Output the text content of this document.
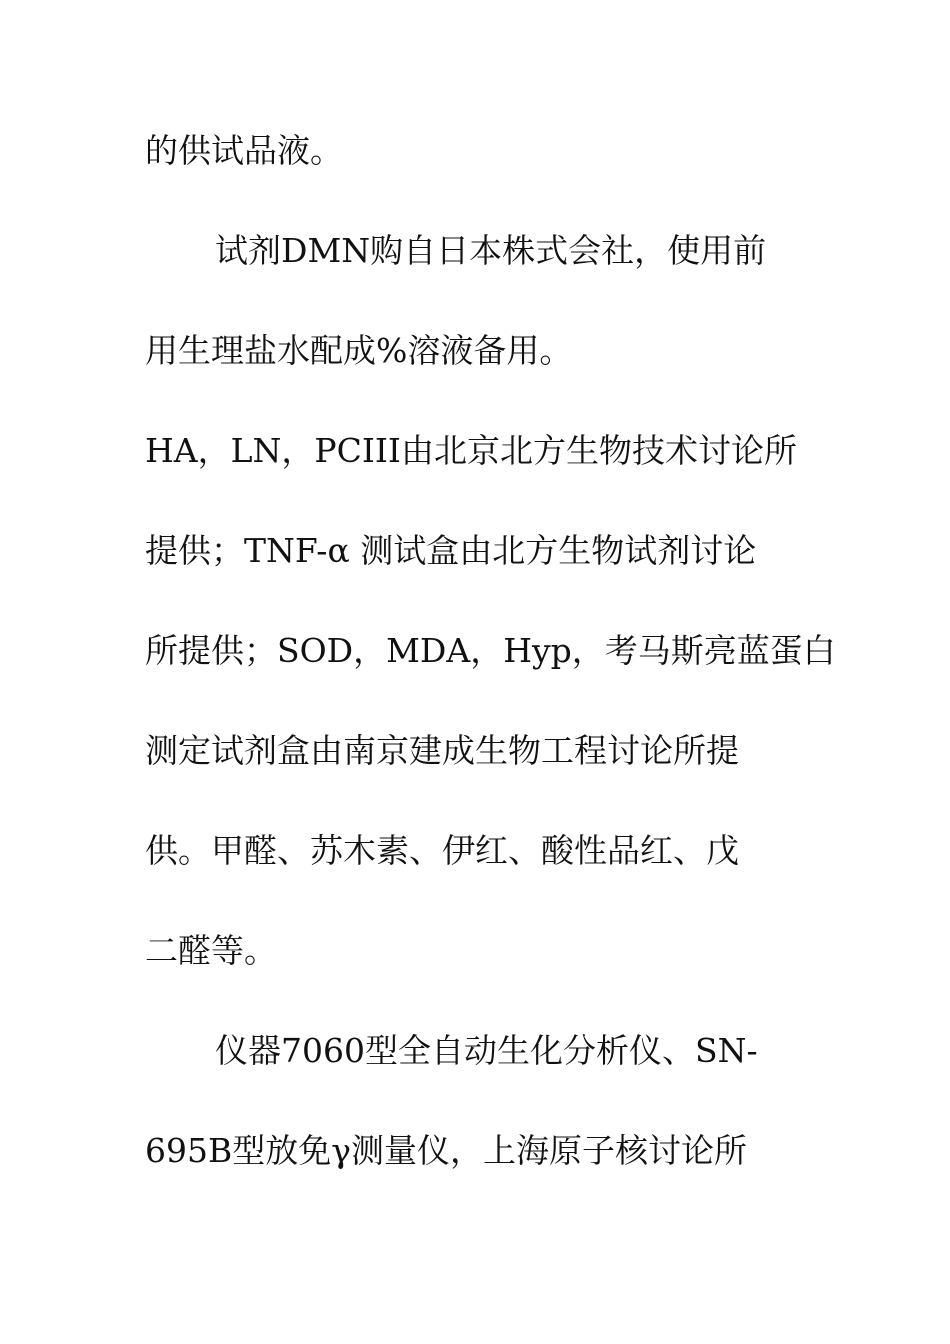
的供试品液。
试剂DMN购自日本株式会社，使用前
用生理盐水配成%溶液备用。
HA，LN，PCIII由北京北方生物技术讨论所
提供；TNF-α 测试盒由北方生物试剂讨论
所提供；SOD，MDA，Hyp，考马斯亮蓝蛋白
测定试剂盒由南京建成生物工程讨论所提
供。甲醛、苏木素、伊红、酸性品红、戊
二醛等。
仪器7060型全自动生化分析仪、SN-
695B型放免γ测量仪，上海原子核讨论所
